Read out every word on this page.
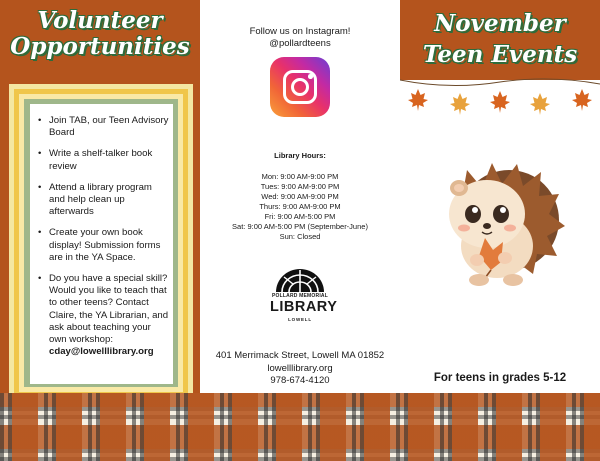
Volunteer
Opportunities
• Join TAB, our Teen Advisory Board
• Write a shelf-talker book review
• Attend a library program and help clean up afterwards
• Create your own book display! Submission forms are in the YA Space.
• Do you have a special skill? Would you like to teach that to other teens? Contact Claire, the YA Librarian, and ask about teaching your own workshop:
cday@lowelllibrary.org
Follow us on Instagram!
@pollardteens
Library Hours:
Mon: 9:00 AM-9:00 PM
Tues: 9:00 AM-9:00 PM
Wed: 9:00 AM-9:00 PM
Thurs: 9:00 AM-9:00 PM
Fri: 9:00 AM-5:00 PM
Sat: 9:00 AM-5:00 PM (September-June)
Sun: Closed
POLLARD MEMORIAL
LIBRARY
LOWELL
401 Merrimack Street, Lowell MA 01852
lowelllibrary.org
978-674-4120
November
Teen Events
For teens in grades 5-12
